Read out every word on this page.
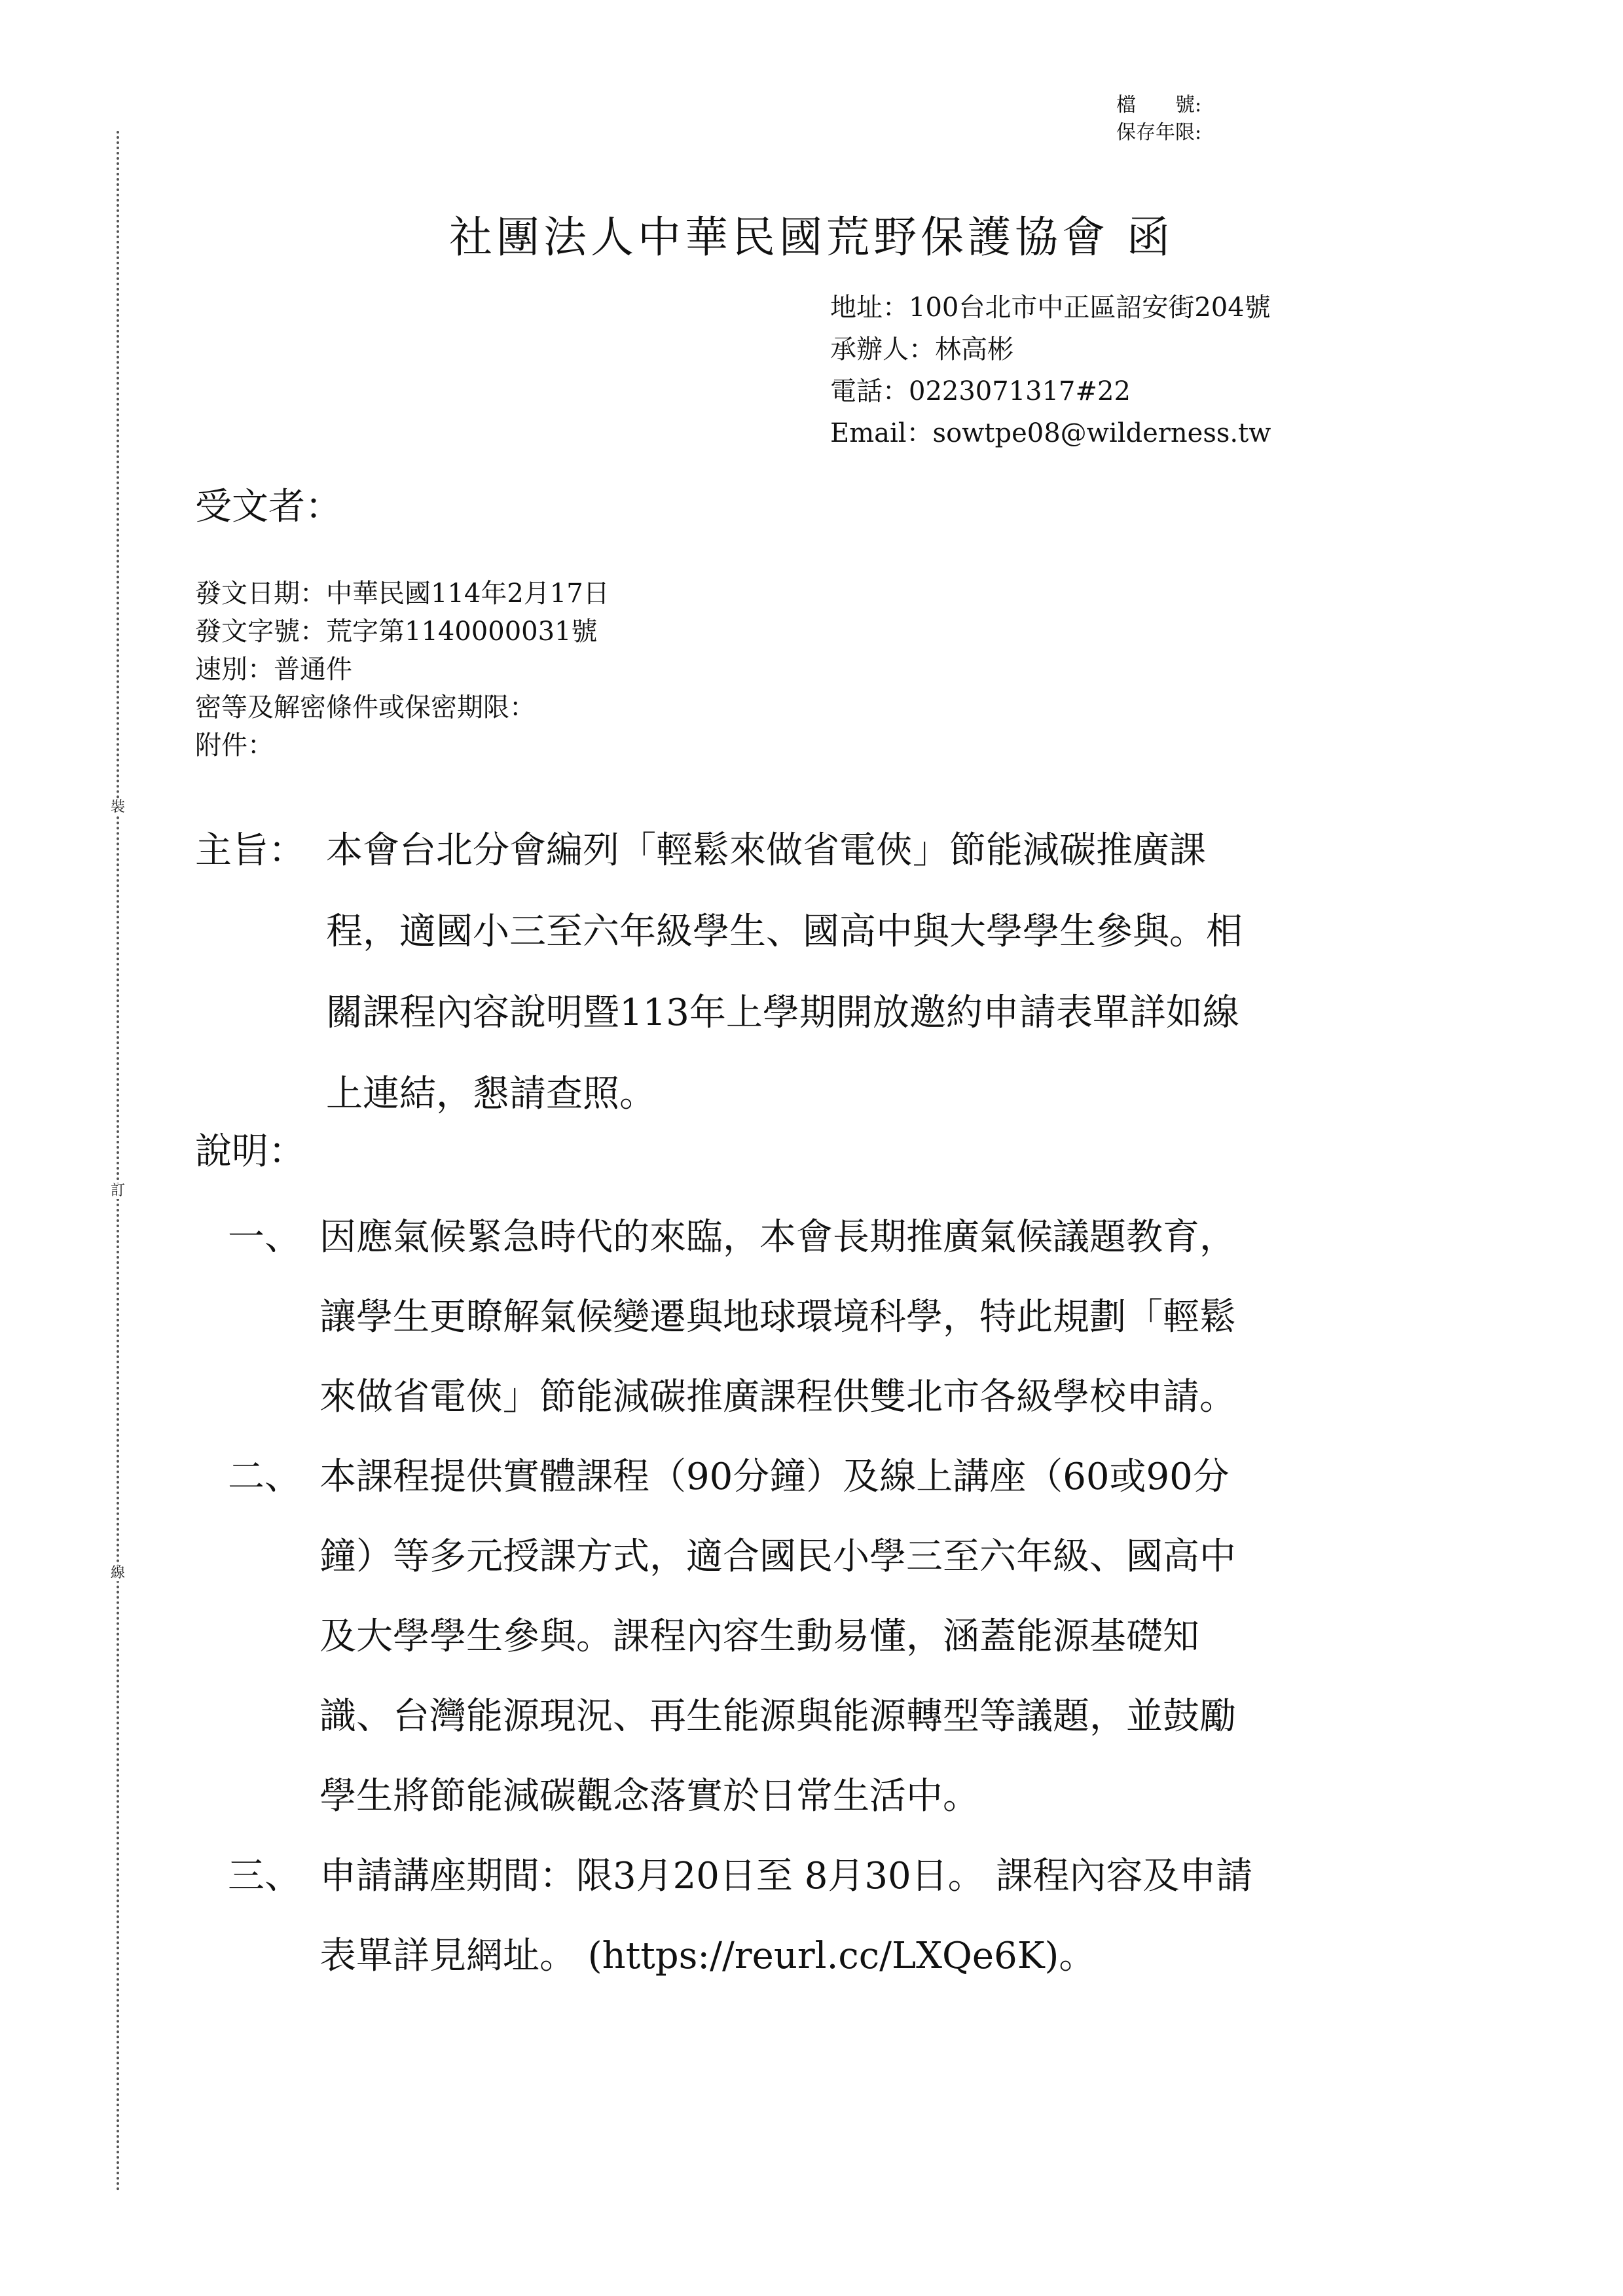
裝
訂
線
檔　　號:
保存年限:
社團法人中華民國荒野保護協會 函
地址：100台北市中正區詔安街204號
承辦人：林高彬
電話：0223071317#22
Email：sowtpe08@wilderness.tw
受文者：
發文日期：中華民國114年2月17日
發文字號：荒字第1140000031號
速別：普通件
密等及解密條件或保密期限：
附件：
主旨： 本會台北分會編列「輕鬆來做省電俠」節能減碳推廣課
程，適國小三至六年級學生、國高中與大學學生參與。相
關課程內容說明暨113年上學期開放邀約申請表單詳如線
上連結，懇請查照。
說明：
一、 因應氣候緊急時代的來臨，本會長期推廣氣候議題教育，
讓學生更瞭解氣候變遷與地球環境科學，特此規劃「輕鬆
來做省電俠」節能減碳推廣課程供雙北市各級學校申請。
二、 本課程提供實體課程（90分鐘）及線上講座（60或90分
鐘）等多元授課方式，適合國民小學三至六年級、國高中
及大學學生參與。課程內容生動易懂，涵蓋能源基礎知
識、台灣能源現況、再生能源與能源轉型等議題，並鼓勵
學生將節能減碳觀念落實於日常生活中。
三、 申請講座期間：限3月20日至 8月30日。 課程內容及申請
表單詳見網址。 (https://reurl.cc/LXQe6K)。
